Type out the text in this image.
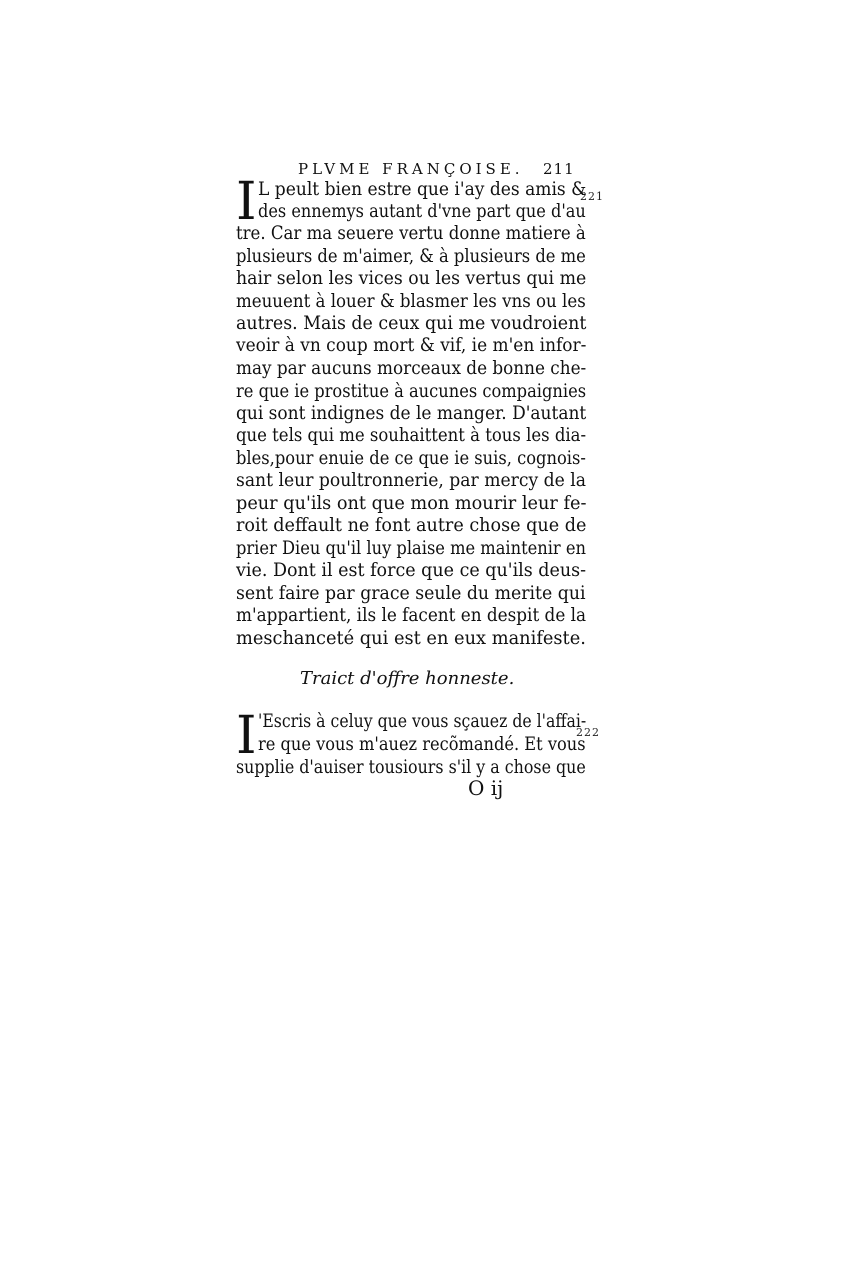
PLVME FRANÇOISE. 211
I	221
L peult bien estre que i'ay des amis &
des ennemys autant d'vne part que d'au
tre. Car ma seuere vertu donne matiere à
plusieurs de m'aimer, & à plusieurs de me
hair selon les vices ou les vertus qui me
meuuent à louer & blasmer les vns ou les
autres. Mais de ceux qui me voudroient
veoir à vn coup mort & vif, ie m'en infor-
may par aucuns morceaux de bonne che-
re que ie prostitue à aucunes compaignies
qui sont indignes de le manger. D'autant
que tels qui me souhaittent à tous les dia-
bles,pour enuie de ce que ie suis, cognois-
sant leur poultronnerie, par mercy de la
peur qu'ils ont que mon mourir leur fe-
roit deffault ne font autre chose que de
prier Dieu qu'il luy plaise me maintenir en
vie. Dont il est force que ce qu'ils deus-
sent faire par grace seule du merite qui
m'appartient, ils le facent en despit de la
meschanceté qui est en eux manifeste.
Traict d'offre honneste.
I	222
'Escris à celuy que vous sçauez de l'affai-
re que vous m'auez recõmandé. Et vous
supplie d'auiser tousiours s'il y a chose que
O ij
